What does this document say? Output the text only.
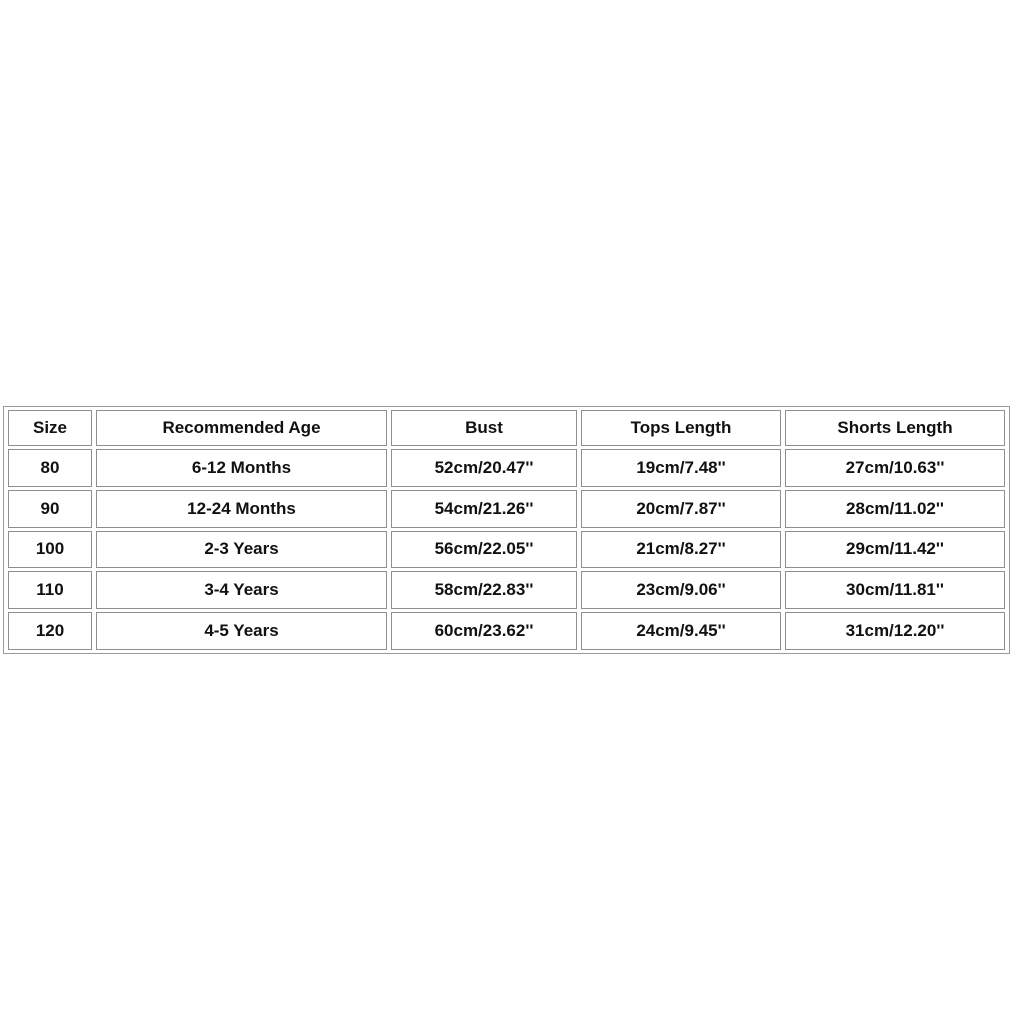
Size	Recommended Age	Bust	Tops Length	Shorts Length
80	6-12 Months	52cm/20.47''	19cm/7.48''	27cm/10.63''
90	12-24 Months	54cm/21.26''	20cm/7.87''	28cm/11.02''
100	2-3 Years	56cm/22.05''	21cm/8.27''	29cm/11.42''
110	3-4 Years	58cm/22.83''	23cm/9.06''	30cm/11.81''
120	4-5 Years	60cm/23.62''	24cm/9.45''	31cm/12.20''
